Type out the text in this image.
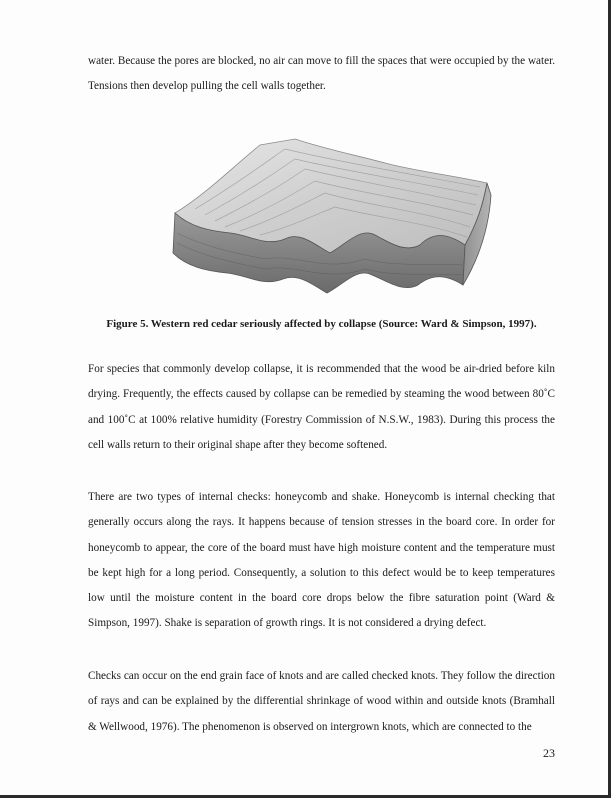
water. Because the pores are blocked, no air can move to fill the spaces that were occupied by the water. Tensions then develop pulling the cell walls together.

Figure 5. Western red cedar seriously affected by collapse (Source: Ward & Simpson, 1997).

For species that commonly develop collapse, it is recommended that the wood be air-dried before kiln drying. Frequently, the effects caused by collapse can be remedied by steaming the wood between 80˚C and 100˚C at 100% relative humidity (Forestry Commission of N.S.W., 1983). During this process the cell walls return to their original shape after they become softened.

There are two types of internal checks: honeycomb and shake. Honeycomb is internal checking that generally occurs along the rays. It happens because of tension stresses in the board core. In order for honeycomb to appear, the core of the board must have high moisture content and the temperature must be kept high for a long period. Consequently, a solution to this defect would be to keep temperatures low until the moisture content in the board core drops below the fibre saturation point (Ward & Simpson, 1997). Shake is separation of growth rings. It is not considered a drying defect.

Checks can occur on the end grain face of knots and are called checked knots. They follow the direction of rays and can be explained by the differential shrinkage of wood within and outside knots (Bramhall & Wellwood, 1976). The phenomenon is observed on intergrown knots, which are connected to the

23
